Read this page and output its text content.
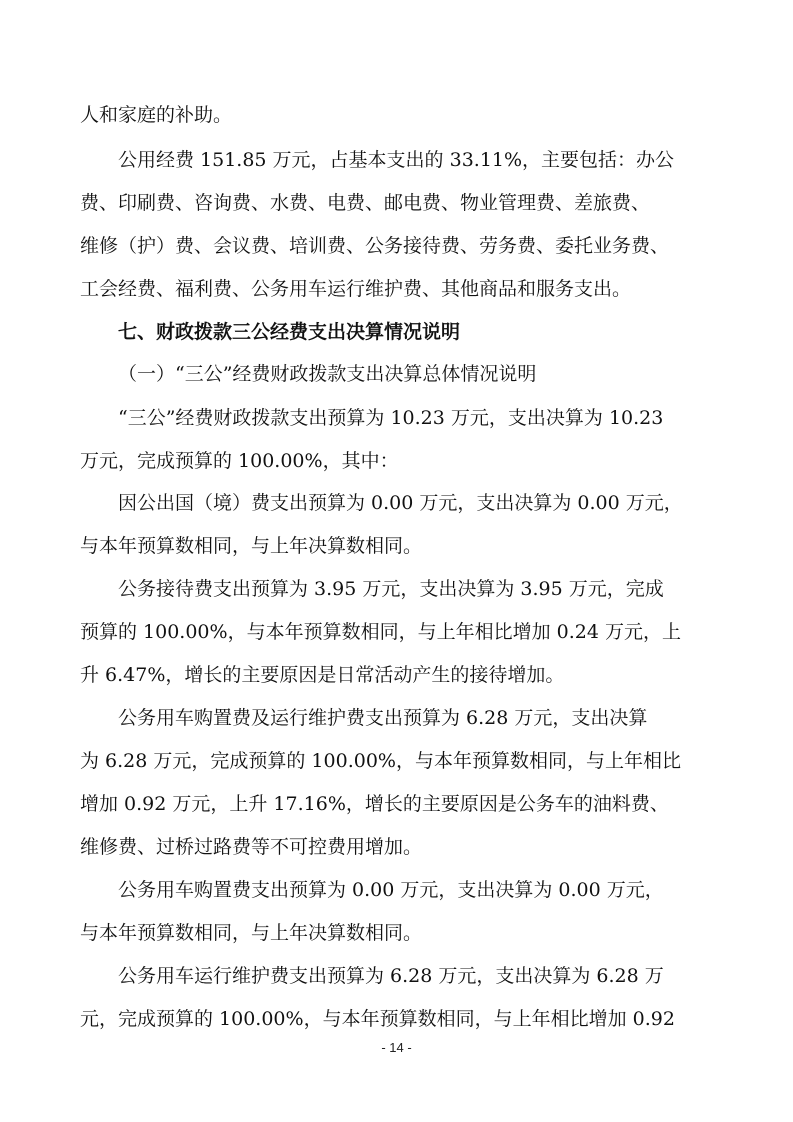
人和家庭的补助。
公用经费 151.85 万元，占基本支出的 33.11%，主要包括：办公
费、印刷费、咨询费、水费、电费、邮电费、物业管理费、差旅费、
维修（护）费、会议费、培训费、公务接待费、劳务费、委托业务费、
工会经费、福利费、公务用车运行维护费、其他商品和服务支出。
七、财政拨款三公经费支出决算情况说明
（一）“三公”经费财政拨款支出决算总体情况说明
“三公”经费财政拨款支出预算为 10.23 万元，支出决算为 10.23
万元，完成预算的 100.00%，其中：
因公出国（境）费支出预算为 0.00 万元，支出决算为 0.00 万元，
与本年预算数相同，与上年决算数相同。
公务接待费支出预算为 3.95 万元，支出决算为 3.95 万元，完成
预算的 100.00%，与本年预算数相同，与上年相比增加 0.24 万元，上
升 6.47%，增长的主要原因是日常活动产生的接待增加。
公务用车购置费及运行维护费支出预算为 6.28 万元，支出决算
为 6.28 万元，完成预算的 100.00%，与本年预算数相同，与上年相比
增加 0.92 万元，上升 17.16%，增长的主要原因是公务车的油料费、
维修费、过桥过路费等不可控费用增加。
公务用车购置费支出预算为 0.00 万元，支出决算为 0.00 万元，
与本年预算数相同，与上年决算数相同。
公务用车运行维护费支出预算为 6.28 万元，支出决算为 6.28 万
元，完成预算的 100.00%，与本年预算数相同，与上年相比增加 0.92
- 14 -
